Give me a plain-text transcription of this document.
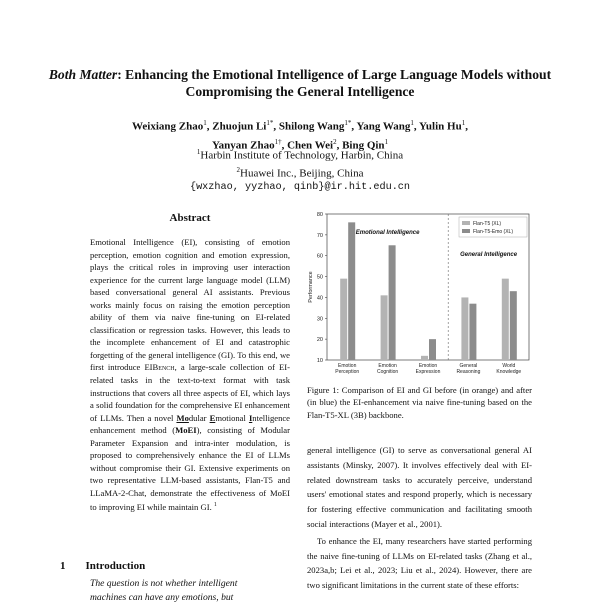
Both Matter: Enhancing the Emotional Intelligence of Large Language Models without Compromising the General Intelligence
Weixiang Zhao$^1$, Zhuojun $Li^{1*}$, Shilong Wang$^{1*}$, Yang Wang$^1$, Yulin Hu$^1$,
Yanyan Zhao$^{1\dagger}$, Chen Wei$^2$, Bing Qin$^1$
$^1$Harbin Institute of Technology, Harbin, China
$^2$Huawei Inc., Beijing, China
{wxzhao, yyzhao, qinb}@ir.hit.edu.cn
Abstract
Emotional Intelligence (EI), consisting of emotion perception, emotion cognition and emotion expression, plays the critical roles in improving user interaction experience for the current large language model (LLM) based conversational general AI assistants. Previous works mainly focus on raising the emotion perception ability of them via naive fine-tuning on EI-related classification or regression tasks. However, this leads to the incomplete enhancement of EI and catastrophic forgetting of the general intelligence (GI). To this end, we first introduce EIBench, a large-scale collection of EI-related tasks in the text-to-text format with task instructions that covers all three aspects of EI, which lays a solid foundation for the comprehensive EI enhancement of LLMs. Then a novel Modular Emotional Intelligence enhancement method (MoEI), consisting of Modular Parameter Expansion and intra-inter modulation, is proposed to comprehensively enhance the EI of LLMs without compromise their GI. Extensive experiments on two representative LLM-based assistants, Flan-T5 and LLaMA-2-Chat, demonstrate the effectiveness of MoEI to improving EI while maintain GI. $^1$
1 Introduction
The question is not whether intelligent
machines can have any emotions, but
10
20
30
40
50
60
70
80
Performance
Emotion
Perception
Emotion
Cognition
Emotion
Expression
General
Reasoning
World
Knowledge
Emotional Intelligence
General Intelligence
Flan-T5 (XL)
Flan-T5-Emo (XL)
Figure 1: Comparison of EI and GI before (in orange) and after (in blue) the EI-enhancement via naive fine-tuning based on the Flan-T5-XL (3B) backbone.

general intelligence (GI) to serve as conversational general AI assistants (Minsky, 2007). It involves effectively deal with EI-related downstream tasks to accurately perceive, understand users' emotional states and respond properly, which is necessary for fostering effective communication and facilitating smooth social interactions (Mayer et al., 2001).

To enhance the EI, many researchers have started performing the naive fine-tuning of LLMs on EI-related tasks (Zhang et al., 2023a,b; Lei et al., 2023; Liu et al., 2024). However, there are two significant limitations in the current state of these efforts:
